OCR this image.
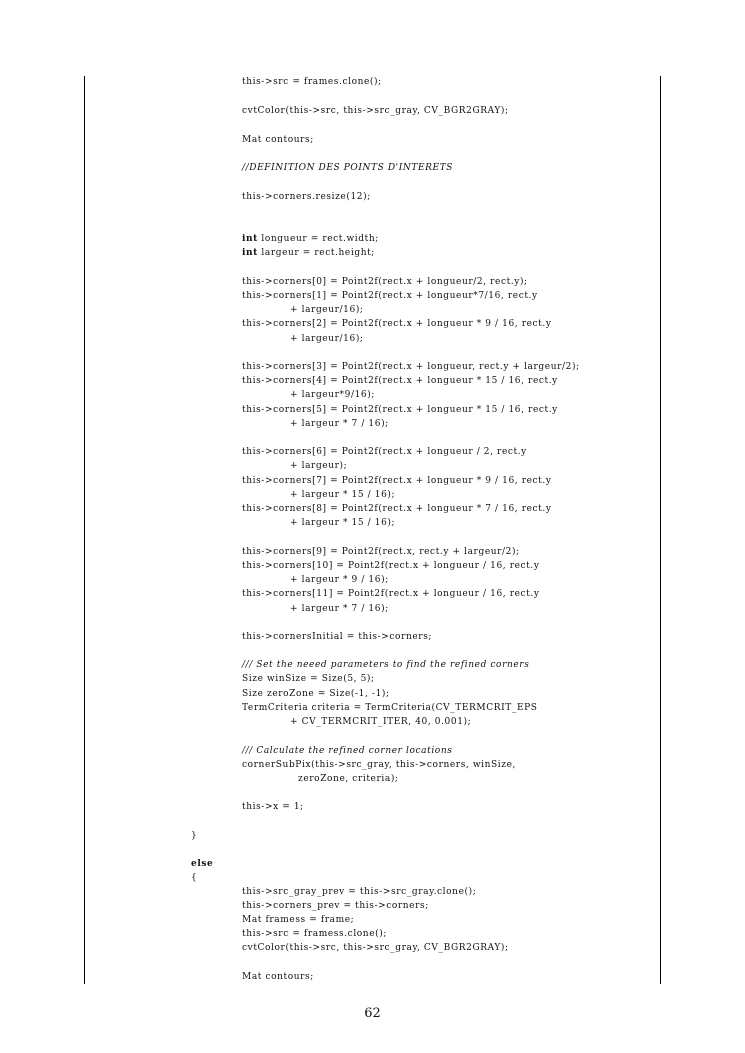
this->src = frames.clone();
cvtColor(this->src, this->src_gray, CV_BGR2GRAY);
Mat contours;
//DEFINITION DES POINTS D'INTERETS
this->corners.resize(12);
int longueur = rect.width;
int largeur = rect.height;
this->corners[0] = Point2f(rect.x + longueur/2, rect.y);
this->corners[1] = Point2f(rect.x + longueur*7/16, rect.y
+ largeur/16);
this->corners[2] = Point2f(rect.x + longueur * 9 / 16, rect.y
+ largeur/16);
this->corners[3] = Point2f(rect.x + longueur, rect.y + largeur/2);
this->corners[4] = Point2f(rect.x + longueur * 15 / 16, rect.y
+ largeur*9/16);
this->corners[5] = Point2f(rect.x + longueur * 15 / 16, rect.y
+ largeur * 7 / 16);
this->corners[6] = Point2f(rect.x + longueur / 2, rect.y
+ largeur);
this->corners[7] = Point2f(rect.x + longueur * 9 / 16, rect.y
+ largeur * 15 / 16);
this->corners[8] = Point2f(rect.x + longueur * 7 / 16, rect.y
+ largeur * 15 / 16);
this->corners[9] = Point2f(rect.x, rect.y + largeur/2);
this->corners[10] = Point2f(rect.x + longueur / 16, rect.y
+ largeur * 9 / 16);
this->corners[11] = Point2f(rect.x + longueur / 16, rect.y
+ largeur * 7 / 16);
this->cornersInitial = this->corners;
/// Set the neeed parameters to find the refined corners
Size winSize = Size(5, 5);
Size zeroZone = Size(-1, -1);
TermCriteria criteria = TermCriteria(CV_TERMCRIT_EPS
+ CV_TERMCRIT_ITER, 40, 0.001);
/// Calculate the refined corner locations
cornerSubPix(this->src_gray, this->corners, winSize,
zeroZone, criteria);
this->x = 1;
}
else
{
this->src_gray_prev = this->src_gray.clone();
this->corners_prev = this->corners;
Mat framess = frame;
this->src = framess.clone();
cvtColor(this->src, this->src_gray, CV_BGR2GRAY);
Mat contours;
62
